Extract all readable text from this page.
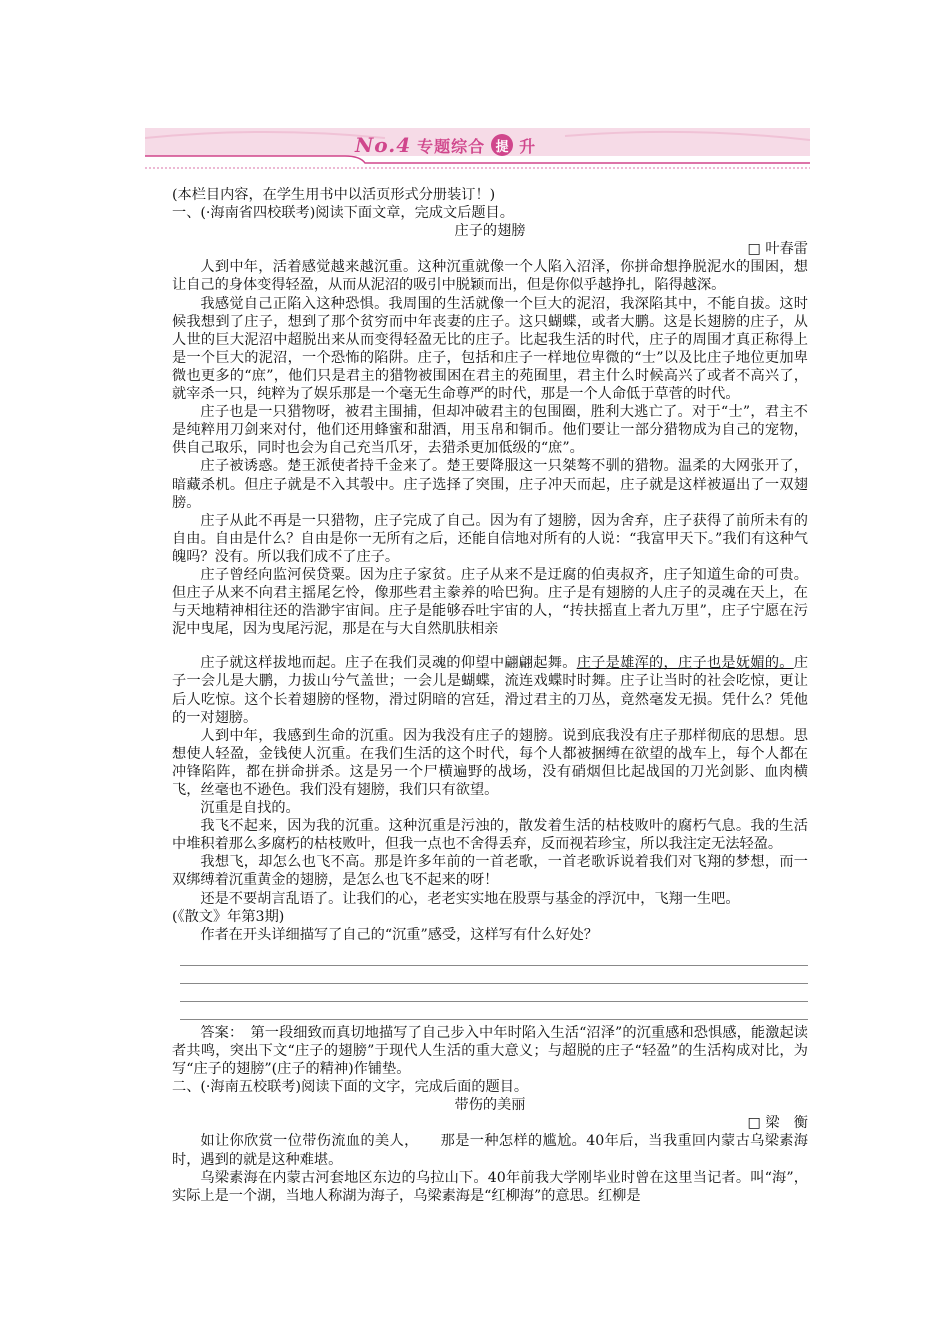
No.4 专题综合 提 升

(本栏目内容，在学生用书中以活页形式分册装订！)

一、(·海南省四校联考)阅读下面文章，完成文后题目。

庄子的翅膀

□ 叶春雷

人到中年，活着感觉越来越沉重。这种沉重就像一个人陷入沼泽，你拼命想挣脱泥水的围困，想让自己的身体变得轻盈，从而从泥沼的吸引中脱颖而出，但是你似乎越挣扎，陷得越深。

我感觉自己正陷入这种恐惧。我周围的生活就像一个巨大的泥沼，我深陷其中，不能自拔。这时候我想到了庄子，想到了那个贫穷而中年丧妻的庄子。这只蝴蝶，或者大鹏。这是长翅膀的庄子，从人世的巨大泥沼中超脱出来从而变得轻盈无比的庄子。比起我生活的时代，庄子的周围才真正称得上是一个巨大的泥沼，一个恐怖的陷阱。庄子，包括和庄子一样地位卑微的“士”以及比庄子地位更加卑微也更多的“庶”，他们只是君主的猎物被围困在君主的苑囿里，君主什么时候高兴了或者不高兴了，就宰杀一只，纯粹为了娱乐那是一个毫无生命尊严的时代，那是一个人命低于草菅的时代。

庄子也是一只猎物呀，被君主围捕，但却冲破君主的包围圈，胜利大逃亡了。对于“士”，君主不是纯粹用刀剑来对付，他们还用蜂蜜和甜酒，用玉帛和铜币。他们要让一部分猎物成为自己的宠物，供自己取乐，同时也会为自己充当爪牙，去猎杀更加低级的“庶”。

庄子被诱惑。楚王派使者持千金来了。楚王要降服这一只桀骜不驯的猎物。温柔的大网张开了，暗藏杀机。但庄子就是不入其彀中。庄子选择了突围，庄子冲天而起，庄子就是这样被逼出了一双翅膀。

庄子从此不再是一只猎物，庄子完成了自己。因为有了翅膀，因为舍弃，庄子获得了前所未有的自由。自由是什么？自由是你一无所有之后，还能自信地对所有的人说：“我富甲天下。”我们有这种气魄吗？没有。所以我们成不了庄子。

庄子曾经向监河侯贷粟。因为庄子家贫。庄子从来不是迂腐的伯夷叔齐，庄子知道生命的可贵。但庄子从来不向君主摇尾乞怜，像那些君主豢养的哈巴狗。庄子是有翅膀的人庄子的灵魂在天上，在与天地精神相往还的浩渺宇宙间。庄子是能够吞吐宇宙的人，“抟扶摇直上者九万里”，庄子宁愿在污泥中曳尾，因为曳尾污泥，那是在与大自然肌肤相亲

庄子就这样拔地而起。庄子在我们灵魂的仰望中翩翩起舞。庄子是雄浑的，庄子也是妩媚的。庄子一会儿是大鹏，力拔山兮气盖世；一会儿是蝴蝶，流连戏蝶时时舞。庄子让当时的社会吃惊，更让后人吃惊。这个长着翅膀的怪物，滑过阴暗的宫廷，滑过君主的刀丛，竟然毫发无损。凭什么？凭他的一对翅膀。

人到中年，我感到生命的沉重。因为我没有庄子的翅膀。说到底我没有庄子那样彻底的思想。思想使人轻盈，金钱使人沉重。在我们生活的这个时代，每个人都被捆缚在欲望的战车上，每个人都在冲锋陷阵，都在拼命拼杀。这是另一个尸横遍野的战场，没有硝烟但比起战国的刀光剑影、血肉横飞，丝毫也不逊色。我们没有翅膀，我们只有欲望。

沉重是自找的。

我飞不起来，因为我的沉重。这种沉重是污浊的，散发着生活的枯枝败叶的腐朽气息。我的生活中堆积着那么多腐朽的枯枝败叶，但我一点也不舍得丢弃，反而视若珍宝，所以我注定无法轻盈。

我想飞，却怎么也飞不高。那是许多年前的一首老歌，一首老歌诉说着我们对飞翔的梦想，而一双绑缚着沉重黄金的翅膀，是怎么也飞不起来的呀！

还是不要胡言乱语了。让我们的心，老老实实地在股票与基金的浮沉中，飞翔一生吧。

(《散文》年第3期)

作者在开头详细描写了自己的“沉重”感受，这样写有什么好处？

答案：　第一段细致而真切地描写了自己步入中年时陷入生活“沼泽”的沉重感和恐惧感，能激起读者共鸣，突出下文“庄子的翅膀”于现代人生活的重大意义；与超脱的庄子“轻盈”的生活构成对比，为写“庄子的翅膀”(庄子的精神)作铺垫。

二、(·海南五校联考)阅读下面的文字，完成后面的题目。

带伤的美丽

□ 梁　衡

如让你欣赏一位带伤流血的美人，　　那是一种怎样的尴尬。40年后，当我重回内蒙古乌梁素海时，遇到的就是这种难堪。

乌梁素海在内蒙古河套地区东边的乌拉山下。40年前我大学刚毕业时曾在这里当记者。叫“海”，实际上是一个湖，当地人称湖为海子，乌梁素海是“红柳海”的意思。红柳是
